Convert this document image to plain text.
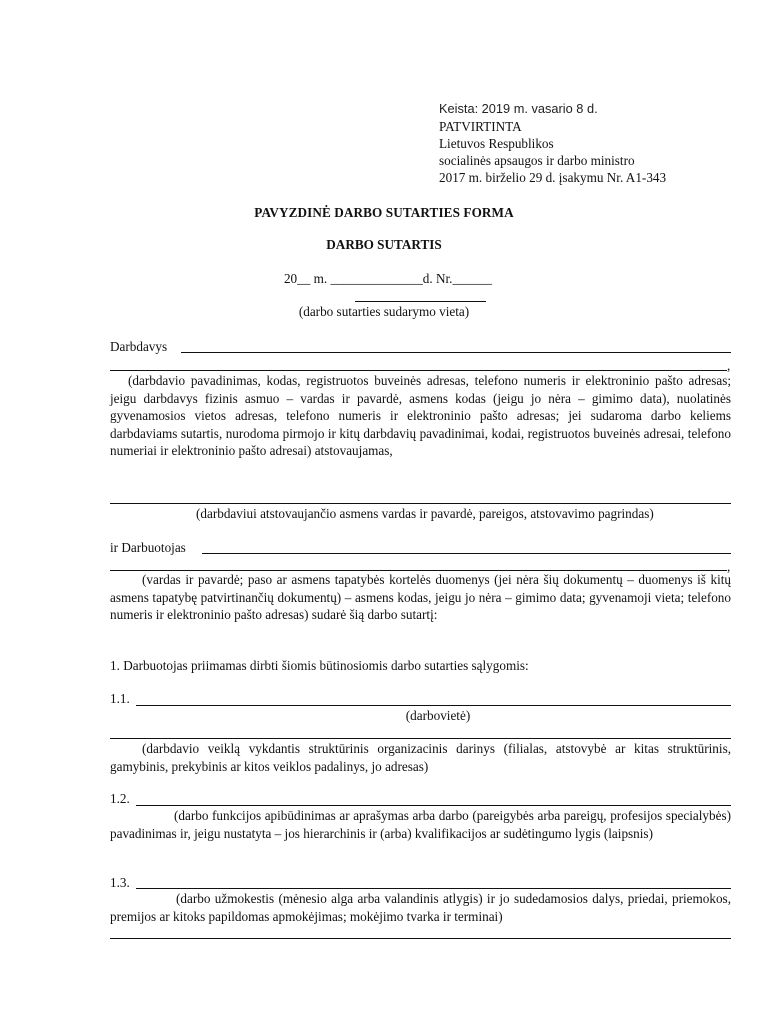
Keista: 2019 m. vasario 8 d.
PATVIRTINTA
Lietuvos Respublikos
socialinės apsaugos ir darbo ministro
2017 m. birželio 29 d. įsakymu Nr. A1-343
PAVYZDINĖ DARBO SUTARTIES FORMA
DARBO SUTARTIS
20__ m. ______________d. Nr.______
(darbo sutarties sudarymo vieta)
Darbdavys
,
(darbdavio pavadinimas, kodas, registruotos buveinės adresas, telefono numeris ir elektroninio pašto adresas; jeigu darbdavys fizinis asmuo – vardas ir pavardė, asmens kodas (jeigu jo nėra – gimimo data), nuolatinės gyvenamosios vietos adresas, telefono numeris ir elektroninio pašto adresas; jei sudaroma darbo keliems darbdaviams sutartis, nurodoma pirmojo ir kitų darbdavių pavadinimai, kodai, registruotos buveinės adresai, telefono numeriai ir elektroninio pašto adresai) atstovaujamas,
(darbdaviui atstovaujančio asmens vardas ir pavardė, pareigos, atstovavimo pagrindas)
ir Darbuotojas
,
(vardas ir pavardė; paso ar asmens tapatybės kortelės duomenys (jei nėra šių dokumentų – duomenys iš kitų asmens tapatybę patvirtinančių dokumentų) – asmens kodas, jeigu jo nėra – gimimo data; gyvenamoji vieta; telefono numeris ir elektroninio pašto adresas) sudarė šią darbo sutartį:
1. Darbuotojas priimamas dirbti šiomis būtinosiomis darbo sutarties sąlygomis:
1.1.
(darbovietė)
(darbdavio veiklą vykdantis struktūrinis organizacinis darinys (filialas, atstovybė ar kitas struktūrinis, gamybinis, prekybinis ar kitos veiklos padalinys, jo adresas)
1.2.
(darbo funkcijos apibūdinimas ar aprašymas arba darbo (pareigybės arba pareigų, profesijos specialybės) pavadinimas ir, jeigu nustatyta – jos hierarchinis ir (arba) kvalifikacijos ar sudėtingumo lygis (laipsnis)
1.3.
(darbo užmokestis (mėnesio alga arba valandinis atlygis) ir jo sudedamosios dalys, priedai, priemokos, premijos ar kitoks papildomas apmokėjimas; mokėjimo tvarka ir terminai)
